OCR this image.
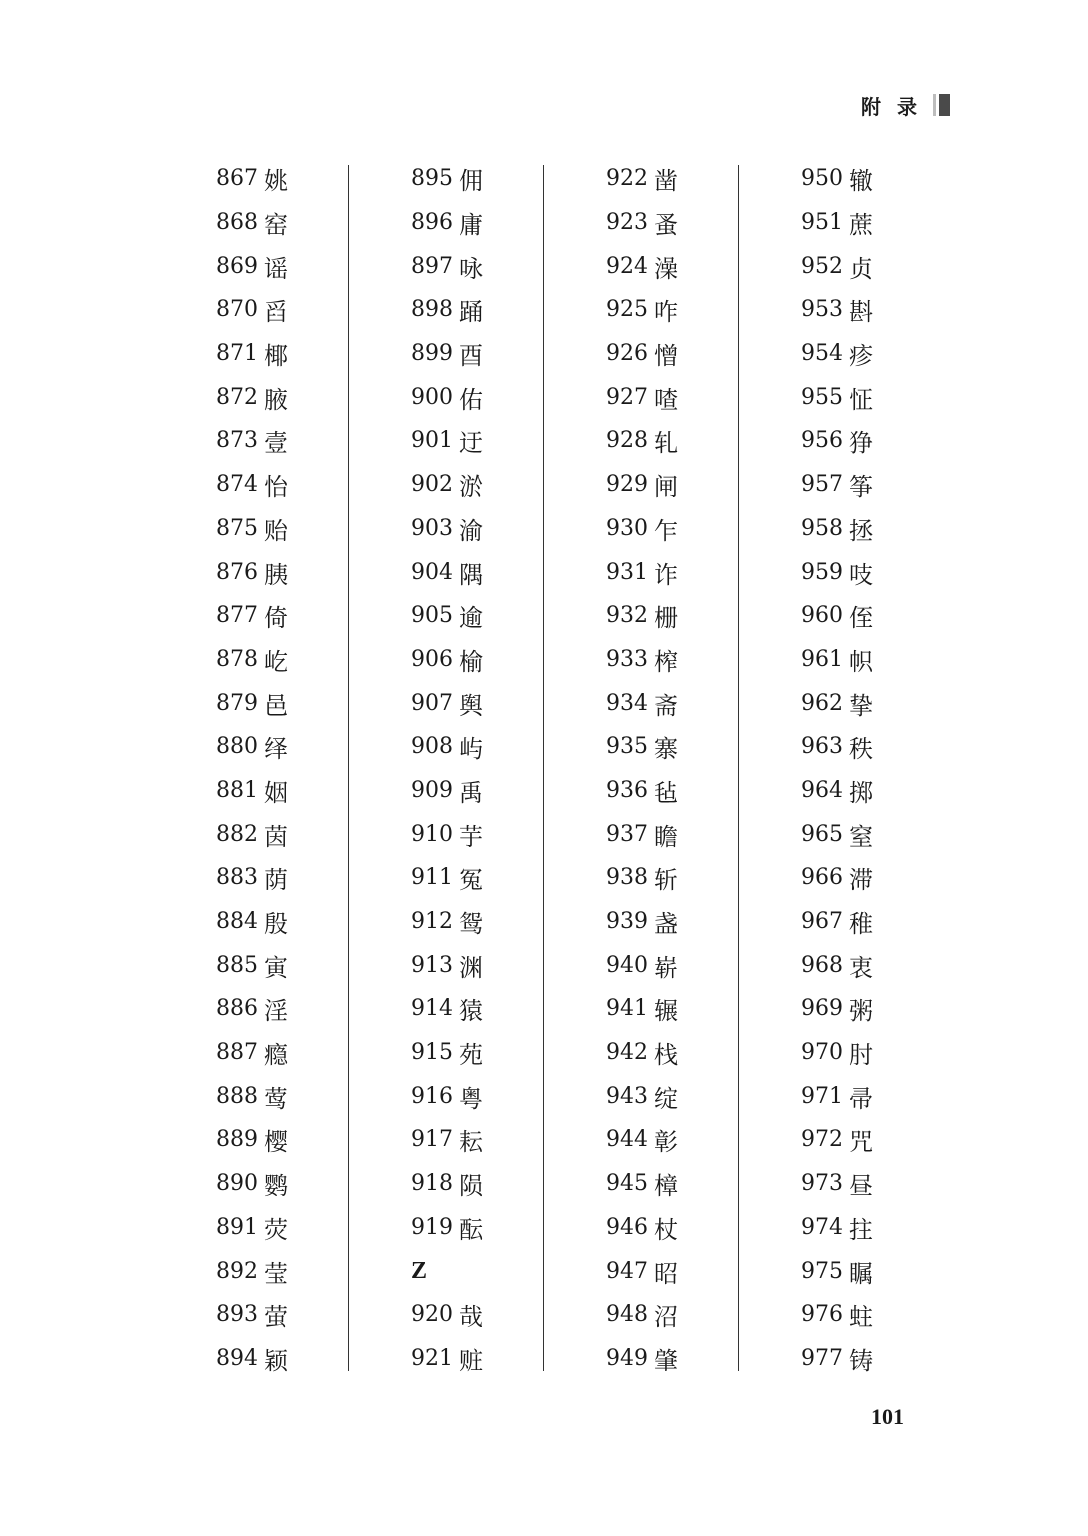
附录
867 姚
868 窑
869 谣
870 舀
871 椰
872 腋
873 壹
874 怡
875 贻
876 胰
877 倚
878 屹
879 邑
880 绎
881 姻
882 茵
883 荫
884 殷
885 寅
886 淫
887 瘾
888 莺
889 樱
890 鹦
891 荧
892 莹
893 萤
894 颖
895 佣
896 庸
897 咏
898 踊
899 酉
900 佑
901 迂
902 淤
903 渝
904 隅
905 逾
906 榆
907 舆
908 屿
909 禹
910 芋
911 冤
912 鸳
913 渊
914 猿
915 苑
916 粤
917 耘
918 陨
919 酝
Z
920 哉
921 赃
922 凿
923 蚤
924 澡
925 咋
926 憎
927 喳
928 轧
929 闸
930 乍
931 诈
932 栅
933 榨
934 斋
935 寨
936 毡
937 瞻
938 斩
939 盏
940 崭
941 辗
942 栈
943 绽
944 彰
945 樟
946 杖
947 昭
948 沼
949 肇
950 辙
951 蔗
952 贞
953 斟
954 疹
955 怔
956 狰
957 筝
958 拯
959 吱
960 侄
961 帜
962 挚
963 秩
964 掷
965 窒
966 滞
967 稚
968 衷
969 粥
970 肘
971 帚
972 咒
973 昼
974 拄
975 瞩
976 蛀
977 铸
101
